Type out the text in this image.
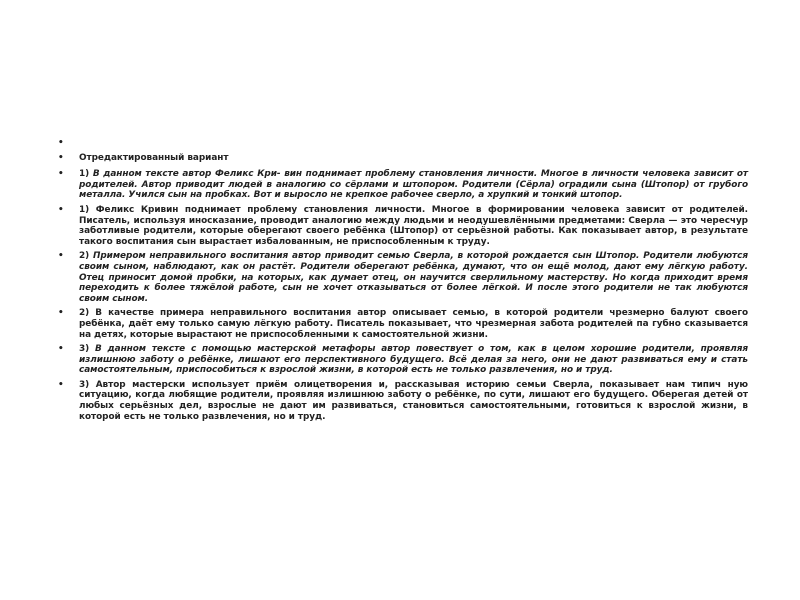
•
• Отредактированный вариант
• 1) В данном тексте автор Феликс Кри- вин поднимает проблему становления личности. Многое в личности человека зависит от родителей. Автор приводит людей в аналогию со сёрлами и штопором. Родители (Сёрла) оградили сына (Штопор) от грубого металла. Учился сын на пробках. Вот и выросло не крепкое рабочее сверло, а хрупкий и тонкий штопор.
• 1) Феликс Кривин поднимает проблему становления личности. Многое в формировании человека зависит от родителей. Писатель, используя иносказание, проводит аналогию между людьми и неодушевлёнными предметами: Сверла — это чересчур заботливые родители, которые оберегают своего ребёнка (Штопор) от серьёзной работы. Как показывает автор, в результате такого воспитания сын вырастает избалованным, не приспособленным к труду.
• 2) Примером неправильного воспитания автор приводит семью Сверла, в которой рождается сын Штопор. Родители любуются своим сыном, наблюдают, как он растёт. Родители оберегают ребёнка, думают, что он ещё молод, дают ему лёгкую работу. Отец приносит домой пробки, на которых, как думает отец, он научится сверлильному мастерству. Но когда приходит время переходить к более тяжёлой работе, сын не хочет отказываться от более лёгкой. И после этого родители не так любуются своим сыном.
• 2) В качестве примера неправильного воспитания автор описывает семью, в которой родители чрезмерно балуют своего ребёнка, даёт ему только самую лёгкую работу. Писатель показывает, что чрезмерная забота родителей па губно сказывается на детях, которые вырастают не приспособленными к самостоятельной жизни.
• 3) В данном тексте с помощью мастерской метафоры автор повествует о том, как в целом хорошие родители, проявляя излишнюю заботу о ребёнке, лишают его перспективного будущего. Всё делая за него, они не дают развиваться ему и стать самостоятельным, приспособиться к взрослой жизни, в которой есть не только развлечения, но и труд.
• 3) Автор мастерски использует приём олицетворения и, рассказывая историю семьи Сверла, показывает нам типич ную ситуацию, когда любящие родители, проявляя излишнюю заботу о ребёнке, по сути, лишают его будущего. Оберегая детей от любых серьёзных дел, взрослые не дают им развиваться, становиться самостоятельными, готовиться к взрослой жизни, в которой есть не только развлечения, но и труд.
